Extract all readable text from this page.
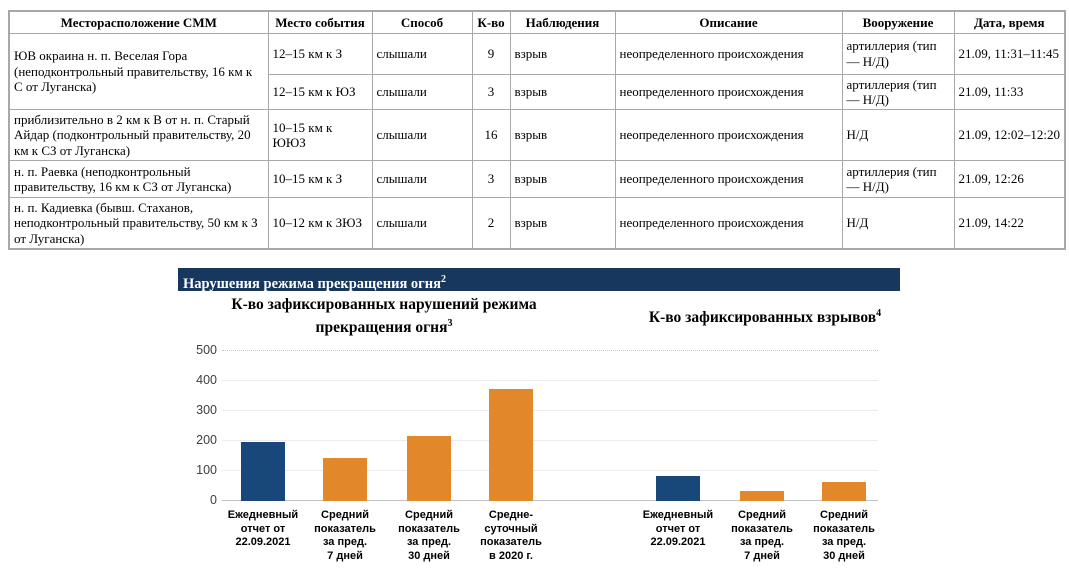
Месторасположение СММ	Место события	Способ	К-во	Наблюдения	Описание	Вооружение	Дата, время
ЮВ окраина н. п. Веселая Гора (неподконтрольный правительству, 16 км к С от Луганска)	12–15 км к З	слышали	9	взрыв	неопределенного происхождения	артиллерия (тип — Н/Д)	21.09, 11:31–11:45
	12–15 км к ЮЗ	слышали	3	взрыв	неопределенного происхождения	артиллерия (тип — Н/Д)	21.09, 11:33
приблизительно в 2 км к В от н. п. Старый Айдар (подконтрольный правительству, 20 км к СЗ от Луганска)	10–15 км к ЮЮЗ	слышали	16	взрыв	неопределенного происхождения	Н/Д	21.09, 12:02–12:20
н. п. Раевка (неподконтрольный правительству, 16 км к СЗ от Луганска)	10–15 км к З	слышали	3	взрыв	неопределенного происхождения	артиллерия (тип — Н/Д)	21.09, 12:26
н. п. Кадиевка (бывш. Стаханов, неподконтрольный правительству, 50 км к З от Луганска)	10–12 км к ЗЮЗ	слышали	2	взрыв	неопределенного происхождения	Н/Д	21.09, 14:22
Нарушения режима прекращения огня$^2$
К-во зафиксированных нарушений режима прекращения огня$^3$	К-во зафиксированных взрывов$^4$
0
100
200
300
400
500
Ежедневный
отчет от
22.09.2021
Средний
показатель
за пред.
7 дней
Средний
показатель
за пред.
30 дней
Средне-
суточный
показатель
в 2020 г.
Ежедневный
отчет от
22.09.2021
Средний
показатель
за пред.
7 дней
Средний
показатель
за пред.
30 дней
